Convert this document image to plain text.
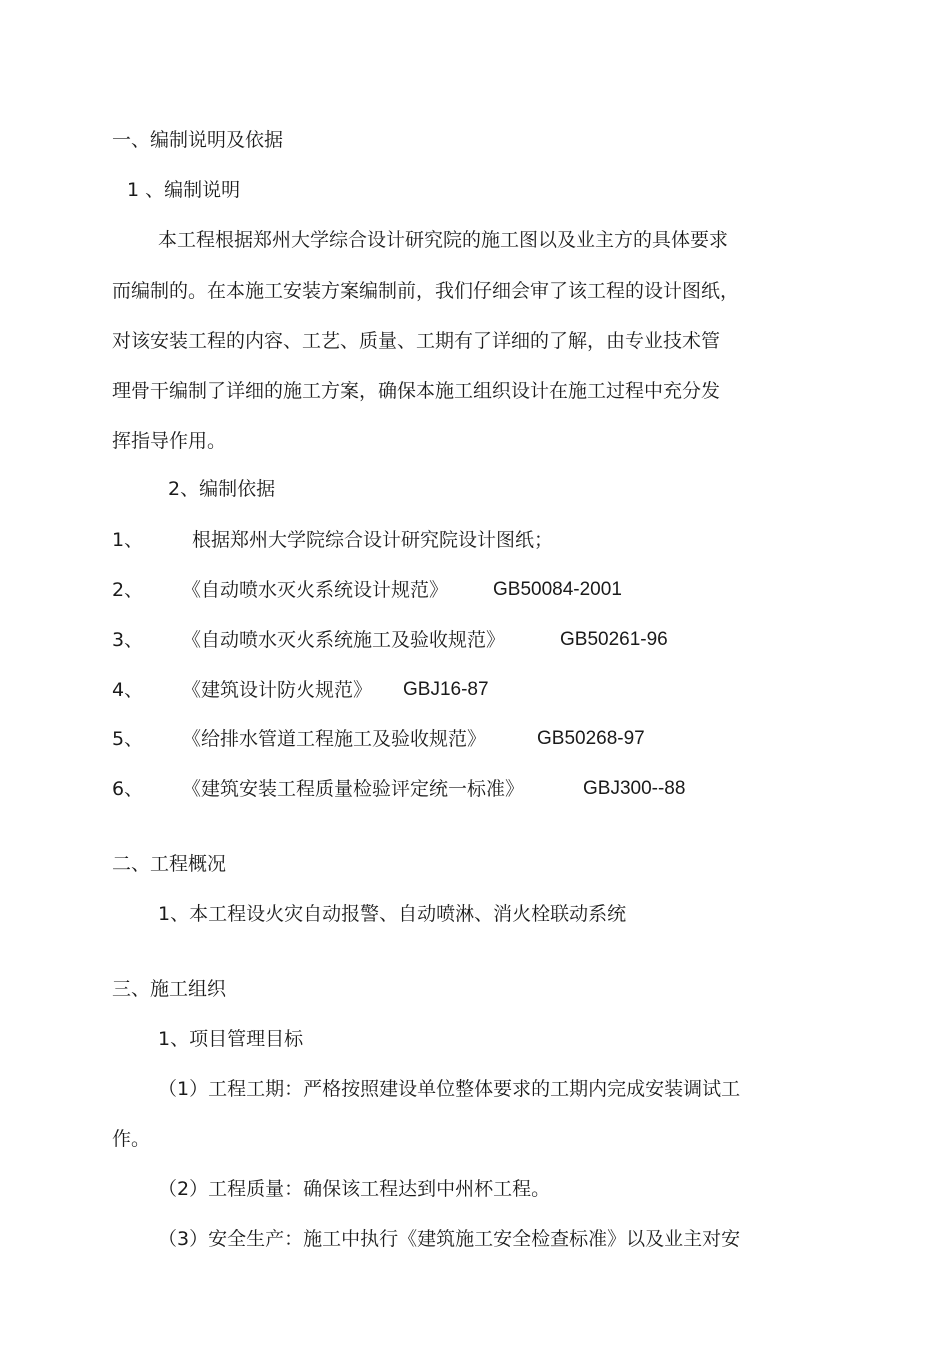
一、编制说明及依据
1 、编制说明
本工程根据郑州大学综合设计研究院的施工图以及业主方的具体要求
而编制的。在本施工安装方案编制前，我们仔细会审了该工程的设计图纸，
对该安装工程的内容、工艺、质量、工期有了详细的了解，由专业技术管
理骨干编制了详细的施工方案，确保本施工组织设计在施工过程中充分发
挥指导作用。
2、编制依据
1、	根据郑州大学院综合设计研究院设计图纸；
2、 《自动喷水灭火系统设计规范》 GB50084-2001
3、 《自动喷水灭火系统施工及验收规范》	GB50261-96
4、 《建筑设计防火规范》 GBJ16-87
5、 《给排水管道工程施工及验收规范》	GB50268-97
6、 《建筑安装工程质量检验评定统一标准》	GBJ300--88
二、工程概况
1、本工程设火灾自动报警、自动喷淋、消火栓联动系统
三、施工组织
1、项目管理目标
（1）工程工期：严格按照建设单位整体要求的工期内完成安装调试工
作。
（2）工程质量：确保该工程达到中州杯工程。
（3）安全生产：施工中执行《建筑施工安全检查标准》以及业主对安
